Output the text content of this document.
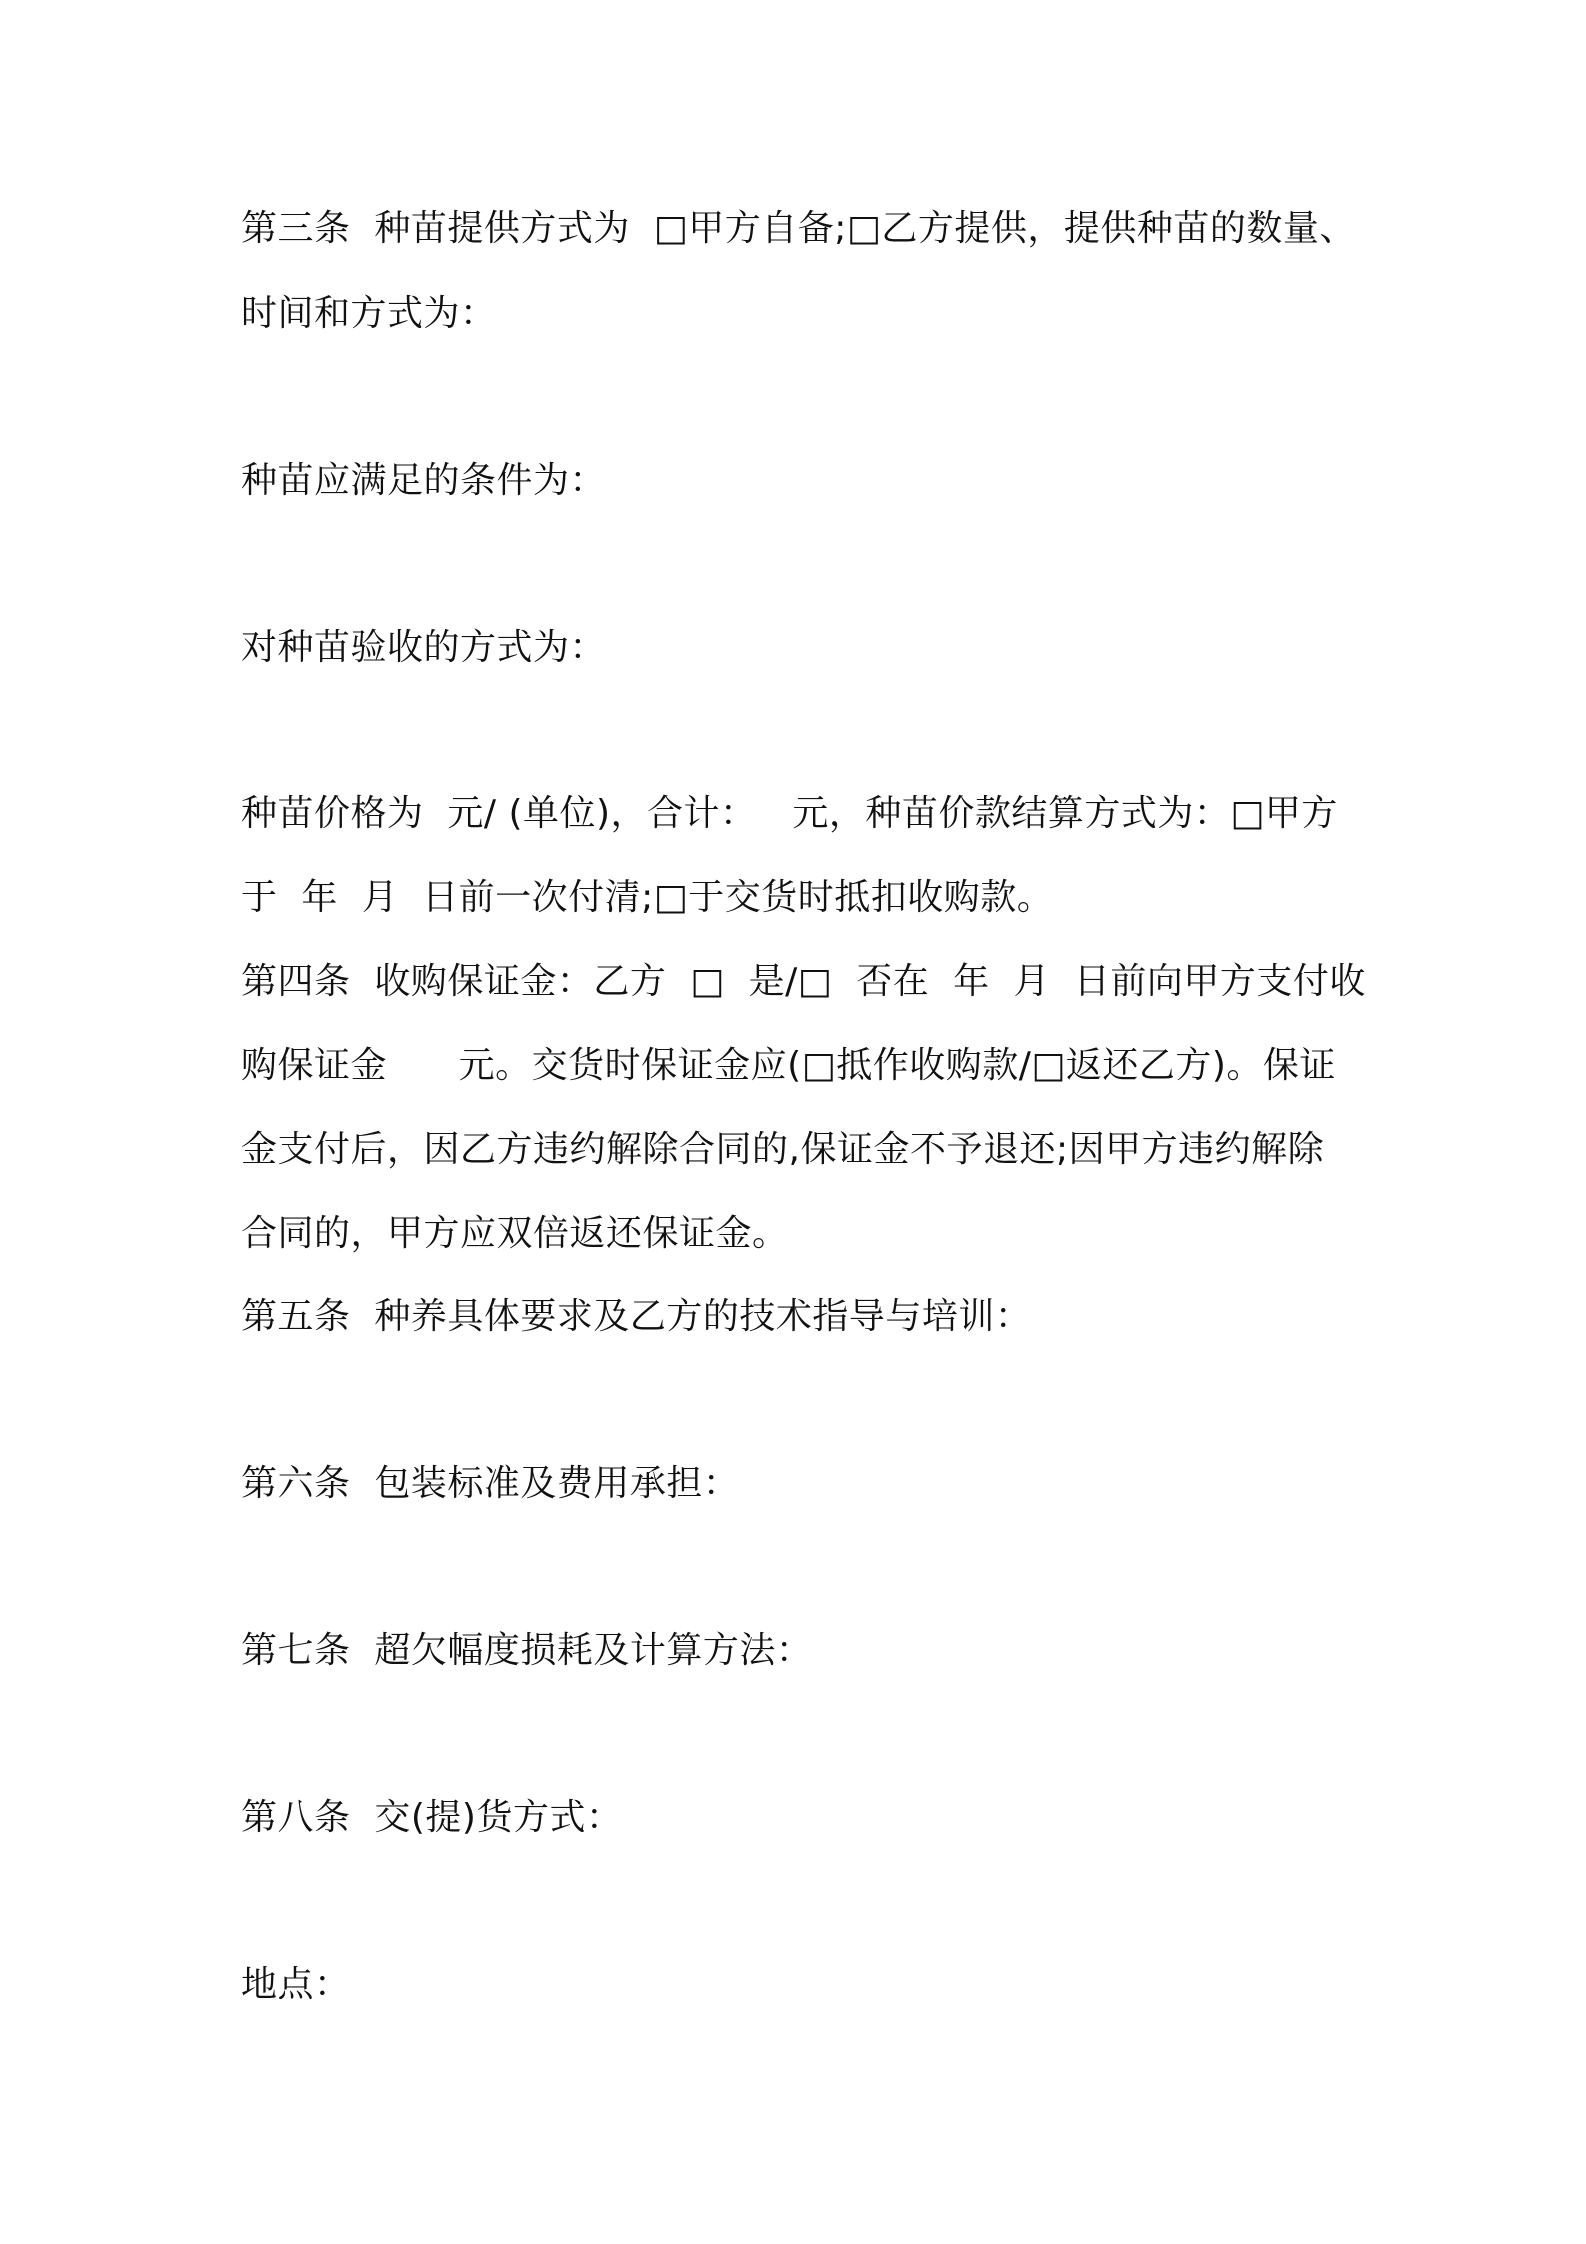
第三条  种苗提供方式为  □甲方自备;□乙方提供，提供种苗的数量、
时间和方式为：
种苗应满足的条件为：
对种苗验收的方式为：
种苗价格为  元/ (单位)，合计：   元，种苗价款结算方式为：□甲方
于  年  月  日前一次付清;□于交货时抵扣收购款。
第四条  收购保证金：乙方  □  是/□  否在  年  月  日前向甲方支付收
购保证金      元。交货时保证金应(□抵作收购款/□返还乙方)。保证
金支付后，因乙方违约解除合同的,保证金不予退还;因甲方违约解除
合同的，甲方应双倍返还保证金。
第五条  种养具体要求及乙方的技术指导与培训：
第六条  包装标准及费用承担：
第七条  超欠幅度损耗及计算方法：
第八条  交(提)货方式：
地点：
